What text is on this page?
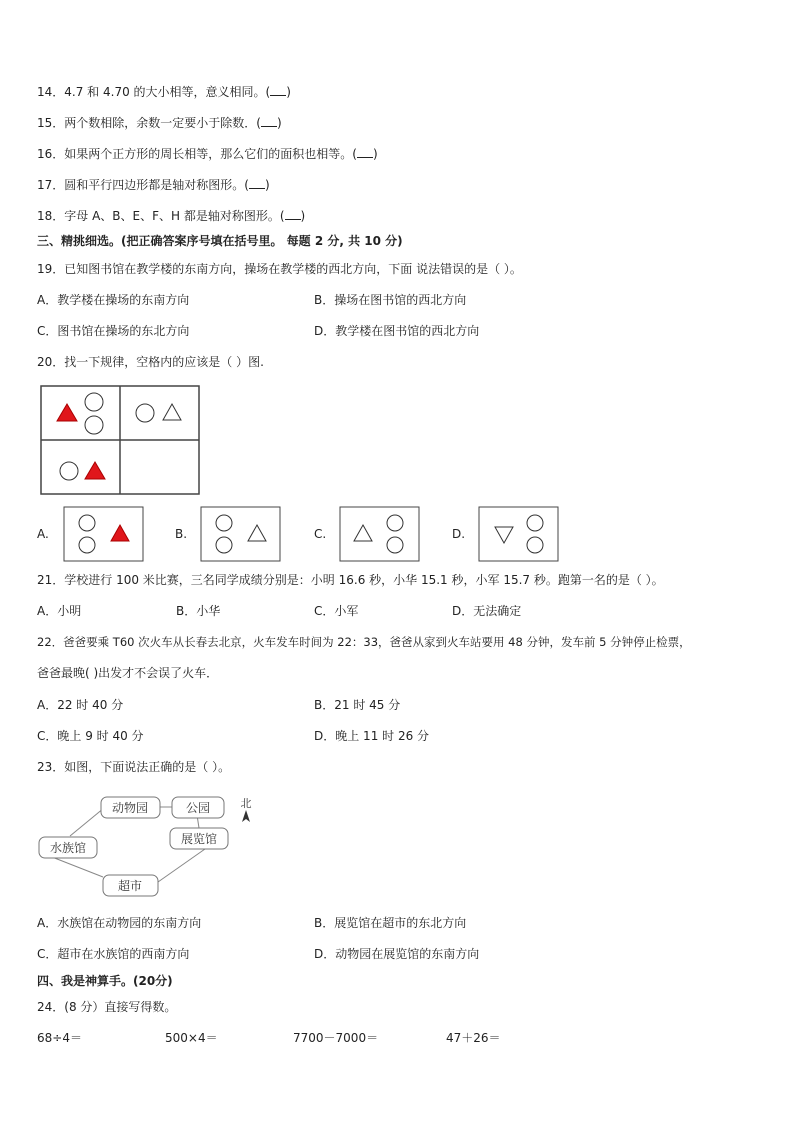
14．4.7 和 4.70 的大小相等，意义相同。( )
15．两个数相除，余数一定要小于除数．( )
16．如果两个正方形的周长相等，那么它们的面积也相等。( )
17．圆和平行四边形都是轴对称图形。( )
18．字母 A、B、E、F、H 都是轴对称图形。( )
三、精挑细选。(把正确答案序号填在括号里。 每题 2 分, 共 10 分)
19．已知图书馆在教学楼的东南方向，操场在教学楼的西北方向，下面 说法错误的是（ ）。
A．教学楼在操场的东南方向	B．操场在图书馆的西北方向
C．图书馆在操场的东北方向	D．教学楼在图书馆的西北方向
20．找一下规律，空格内的应该是（ ）图.
A.	B.	C.	D.
21．学校进行 100 米比赛，三名同学成绩分别是：小明 16.6 秒，小华 15.1 秒，小军 15.7 秒。跑第一名的是（ ）。
A．小明	B．小华	C．小军	D．无法确定
22．爸爸要乘 T60 次火车从长春去北京，火车发车时间为 22：33，爸爸从家到火车站要用 48 分钟，发车前 5 分钟停止检票，
爸爸最晚( )出发才不会误了火车．
A．22 时 40 分	B．21 时 45 分
C．晚上 9 时 40 分	D．晚上 11 时 26 分
23．如图，下面说法正确的是（ ）。
动物园	公园
展览馆
水族馆
超市
北
A．水族馆在动物园的东南方向	B．展览馆在超市的东北方向
C．超市在水族馆的西南方向	D．动物园在展览馆的东南方向
四、我是神算手。(20分)
24．(8 分）直接写得数。
68÷4＝	500×4＝	7700－7000＝	47＋26＝
